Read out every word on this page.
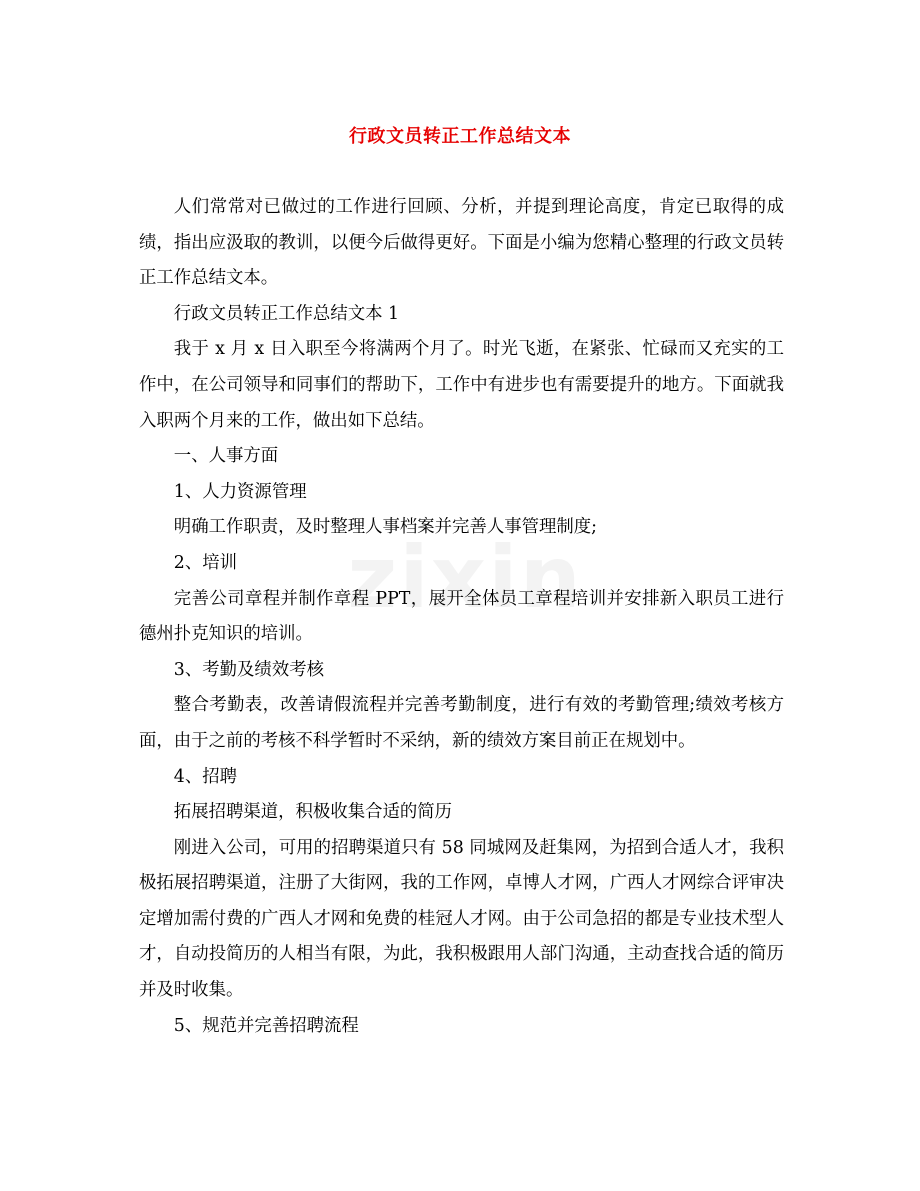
行政文员转正工作总结文本

人们常常对已做过的工作进行回顾、分析，并提到理论高度，肯定已取得的成绩，指出应汲取的教训，以便今后做得更好。下面是小编为您精心整理的行政文员转正工作总结文本。

行政文员转正工作总结文本 1

我于 x 月 x 日入职至今将满两个月了。时光飞逝，在紧张、忙碌而又充实的工作中，在公司领导和同事们的帮助下，工作中有进步也有需要提升的地方。下面就我入职两个月来的工作，做出如下总结。

一、人事方面

1、人力资源管理

明确工作职责，及时整理人事档案并完善人事管理制度;

2、培训

完善公司章程并制作章程 PPT，展开全体员工章程培训并安排新入职员工进行德州扑克知识的培训。

3、考勤及绩效考核

整合考勤表，改善请假流程并完善考勤制度，进行有效的考勤管理;绩效考核方面，由于之前的考核不科学暂时不采纳，新的绩效方案目前正在规划中。

4、招聘

拓展招聘渠道，积极收集合适的简历

刚进入公司，可用的招聘渠道只有 58 同城网及赶集网，为招到合适人才，我积极拓展招聘渠道，注册了大街网，我的工作网，卓博人才网，广西人才网综合评审决定增加需付费的广西人才网和免费的桂冠人才网。由于公司急招的都是专业技术型人才，自动投简历的人相当有限，为此，我积极跟用人部门沟通，主动查找合适的简历并及时收集。

5、规范并完善招聘流程
